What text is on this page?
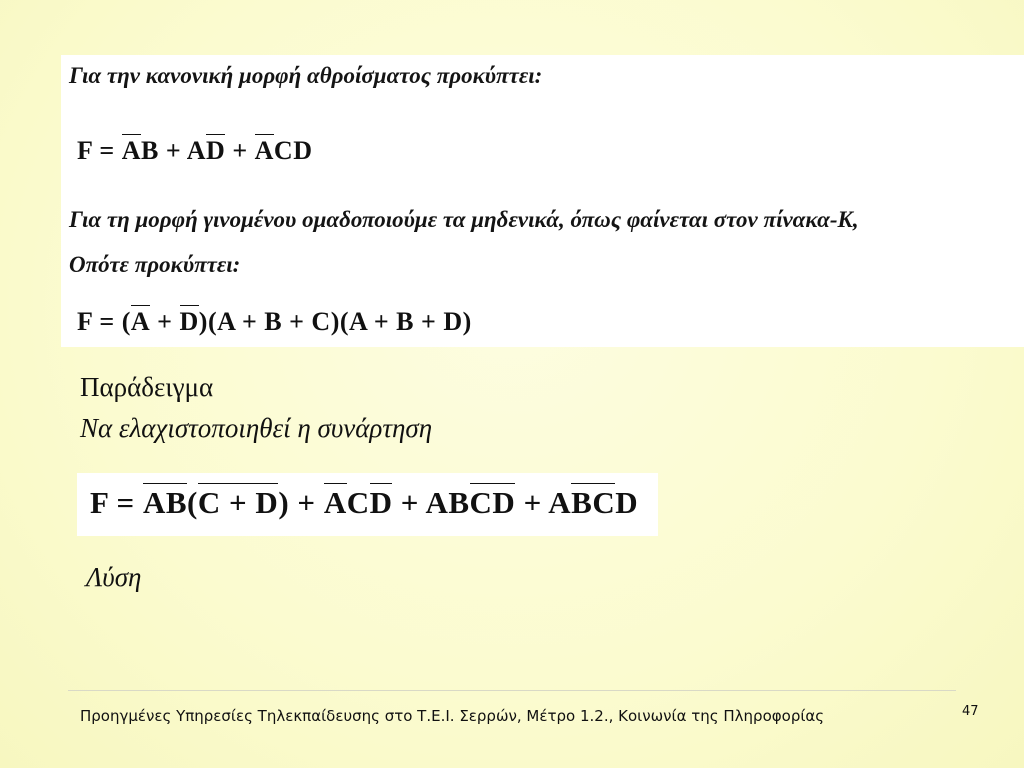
Για την κανονική μορφή αθροίσματος προκύπτει:
F = AB + AD + ACD
Για τη μορφή γινομένου ομαδοποιούμε τα μηδενικά, όπως φαίνεται στον πίνακα-Κ,
Οπότε προκύπτει:
F = (A + D)(A + B + C)(A + B + D)
Παράδειγμα
Να ελαχιστοποιηθεί η συνάρτηση
F = AB(C + D) + ACD + ABCD + ABCD
Λύση
Προηγμένες Υπηρεσίες Τηλεκπαίδευσης στο Τ.Ε.Ι. Σερρών, Μέτρο 1.2., Κοινωνία της Πληροφορίας	47
